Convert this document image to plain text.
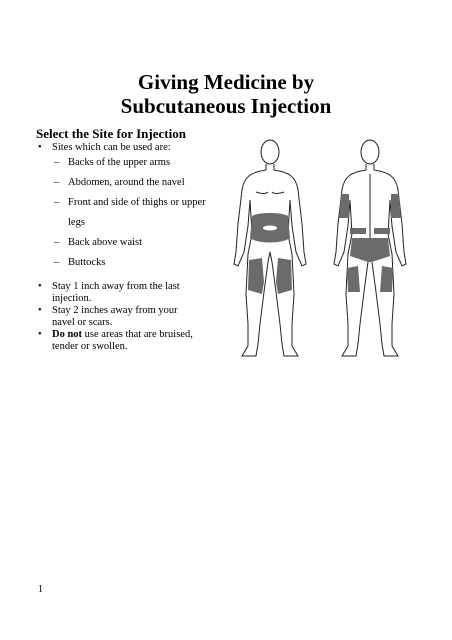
Giving Medicine by
Subcutaneous Injection
Select the Site for Injection
• Sites which can be used are:
– Backs of the upper arms
– Abdomen, around the navel
– Front and side of thighs or upper
legs
– Back above waist
– Buttocks
• Stay 1 inch away from the last injection.
• Stay 2 inches away from your navel or scars.
• Do not use areas that are bruised, tender or swollen.
1
